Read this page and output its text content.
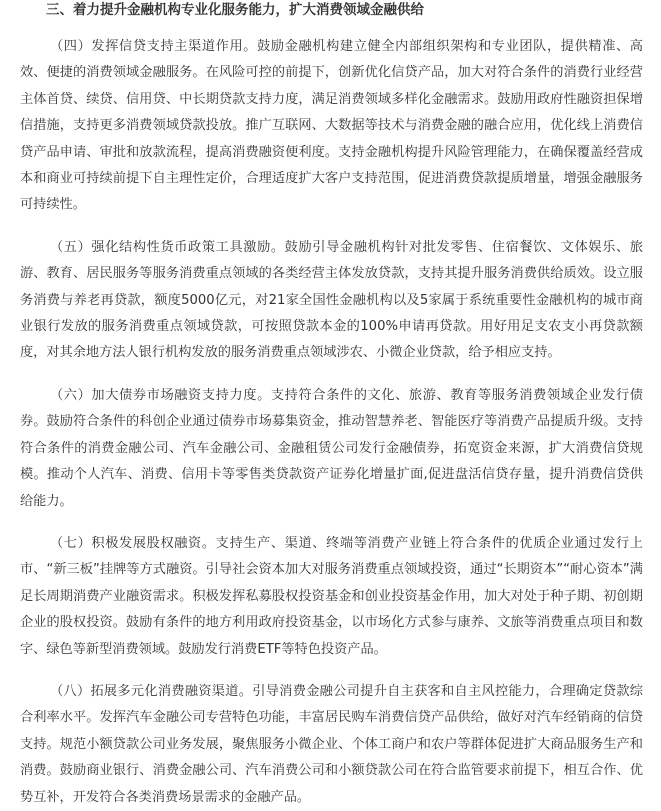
三、着力提升金融机构专业化服务能力，扩大消费领域金融供给

（四）发挥信贷支持主渠道作用。鼓励金融机构建立健全内部组织架构和专业团队，提供精准、高效、便捷的消费领域金融服务。在风险可控的前提下，创新优化信贷产品，加大对符合条件的消费行业经营主体首贷、续贷、信用贷、中长期贷款支持力度，满足消费领域多样化金融需求。鼓励用政府性融资担保增信措施，支持更多消费领域贷款投放。推广互联网、大数据等技术与消费金融的融合应用，优化线上消费信贷产品申请、审批和放款流程，提高消费融资便利度。支持金融机构提升风险管理能力，在确保覆盖经营成本和商业可持续前提下自主理性定价，合理适度扩大客户支持范围，促进消费贷款提质增量，增强金融服务可持续性。

（五）强化结构性货币政策工具激励。鼓励引导金融机构针对批发零售、住宿餐饮、文体娱乐、旅游、教育、居民服务等服务消费重点领域的各类经营主体发放贷款，支持其提升服务消费供给质效。设立服务消费与养老再贷款，额度5000亿元，对21家全国性金融机构以及5家属于系统重要性金融机构的城市商业银行发放的服务消费重点领域贷款，可按照贷款本金的100%申请再贷款。用好用足支农支小再贷款额度，对其余地方法人银行机构发放的服务消费重点领域涉农、小微企业贷款，给予相应支持。

（六）加大债券市场融资支持力度。支持符合条件的文化、旅游、教育等服务消费领域企业发行债券。鼓励符合条件的科创企业通过债券市场募集资金，推动智慧养老、智能医疗等消费产品提质升级。支持符合条件的消费金融公司、汽车金融公司、金融租赁公司发行金融债券，拓宽资金来源，扩大消费信贷规模。推动个人汽车、消费、信用卡等零售类贷款资产证券化增量扩面,促进盘活信贷存量，提升消费信贷供给能力。

（七）积极发展股权融资。支持生产、渠道、终端等消费产业链上符合条件的优质企业通过发行上市、“新三板”挂牌等方式融资。引导社会资本加大对服务消费重点领域投资，通过“长期资本”“耐心资本”满足长周期消费产业融资需求。积极发挥私募股权投资基金和创业投资基金作用，加大对处于种子期、初创期企业的股权投资。鼓励有条件的地方利用政府投资基金，以市场化方式参与康养、文旅等消费重点项目和数字、绿色等新型消费领域。鼓励发行消费ETF等特色投资产品。

（八）拓展多元化消费融资渠道。引导消费金融公司提升自主获客和自主风控能力，合理确定贷款综合利率水平。发挥汽车金融公司专营特色功能，丰富居民购车消费信贷产品供给，做好对汽车经销商的信贷支持。规范小额贷款公司业务发展，聚焦服务小微企业、个体工商户和农户等群体促进扩大商品服务生产和消费。鼓励商业银行、消费金融公司、汽车消费公司和小额贷款公司在符合监管要求前提下，相互合作、优势互补，开发符合各类消费场景需求的金融产品。
